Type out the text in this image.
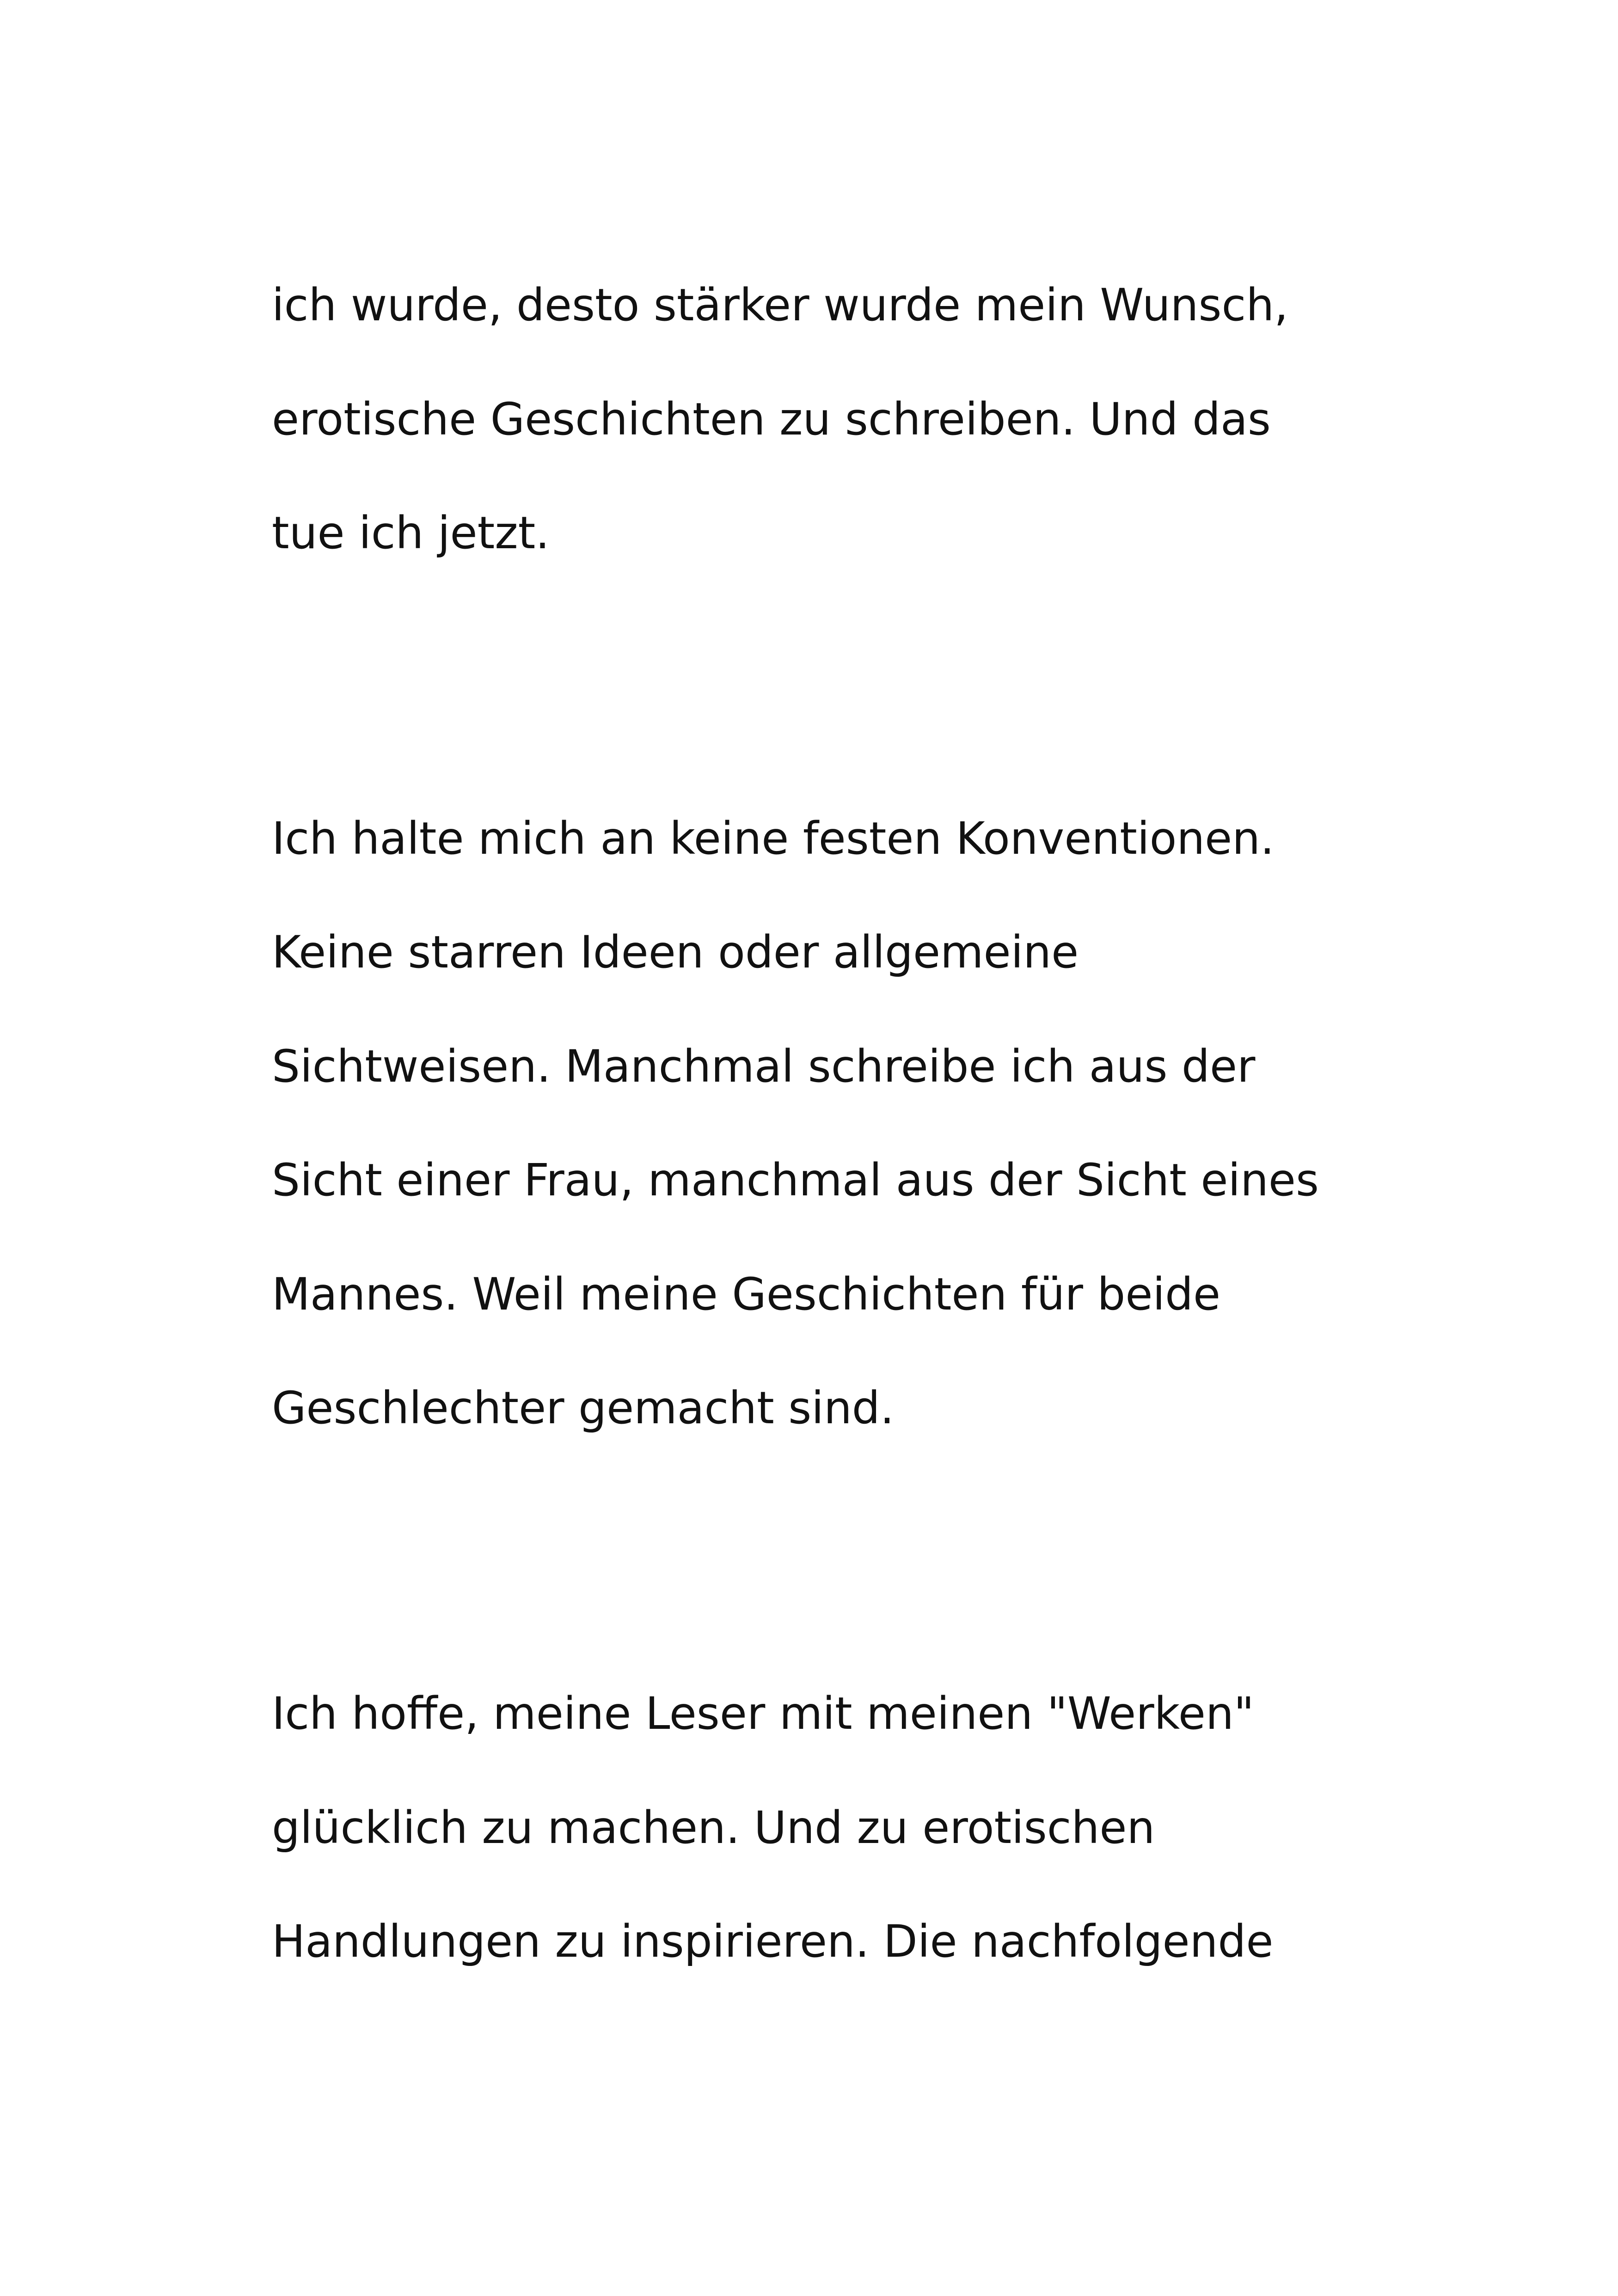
ich wurde, desto stärker wurde mein Wunsch,

erotische Geschichten zu schreiben. Und das

tue ich jetzt.

Ich halte mich an keine festen Konventionen.

Keine starren Ideen oder allgemeine

Sichtweisen. Manchmal schreibe ich aus der

Sicht einer Frau, manchmal aus der Sicht eines

Mannes. Weil meine Geschichten für beide

Geschlechter gemacht sind.

Ich hoffe, meine Leser mit meinen "Werken"

glücklich zu machen. Und zu erotischen

Handlungen zu inspirieren. Die nachfolgende
